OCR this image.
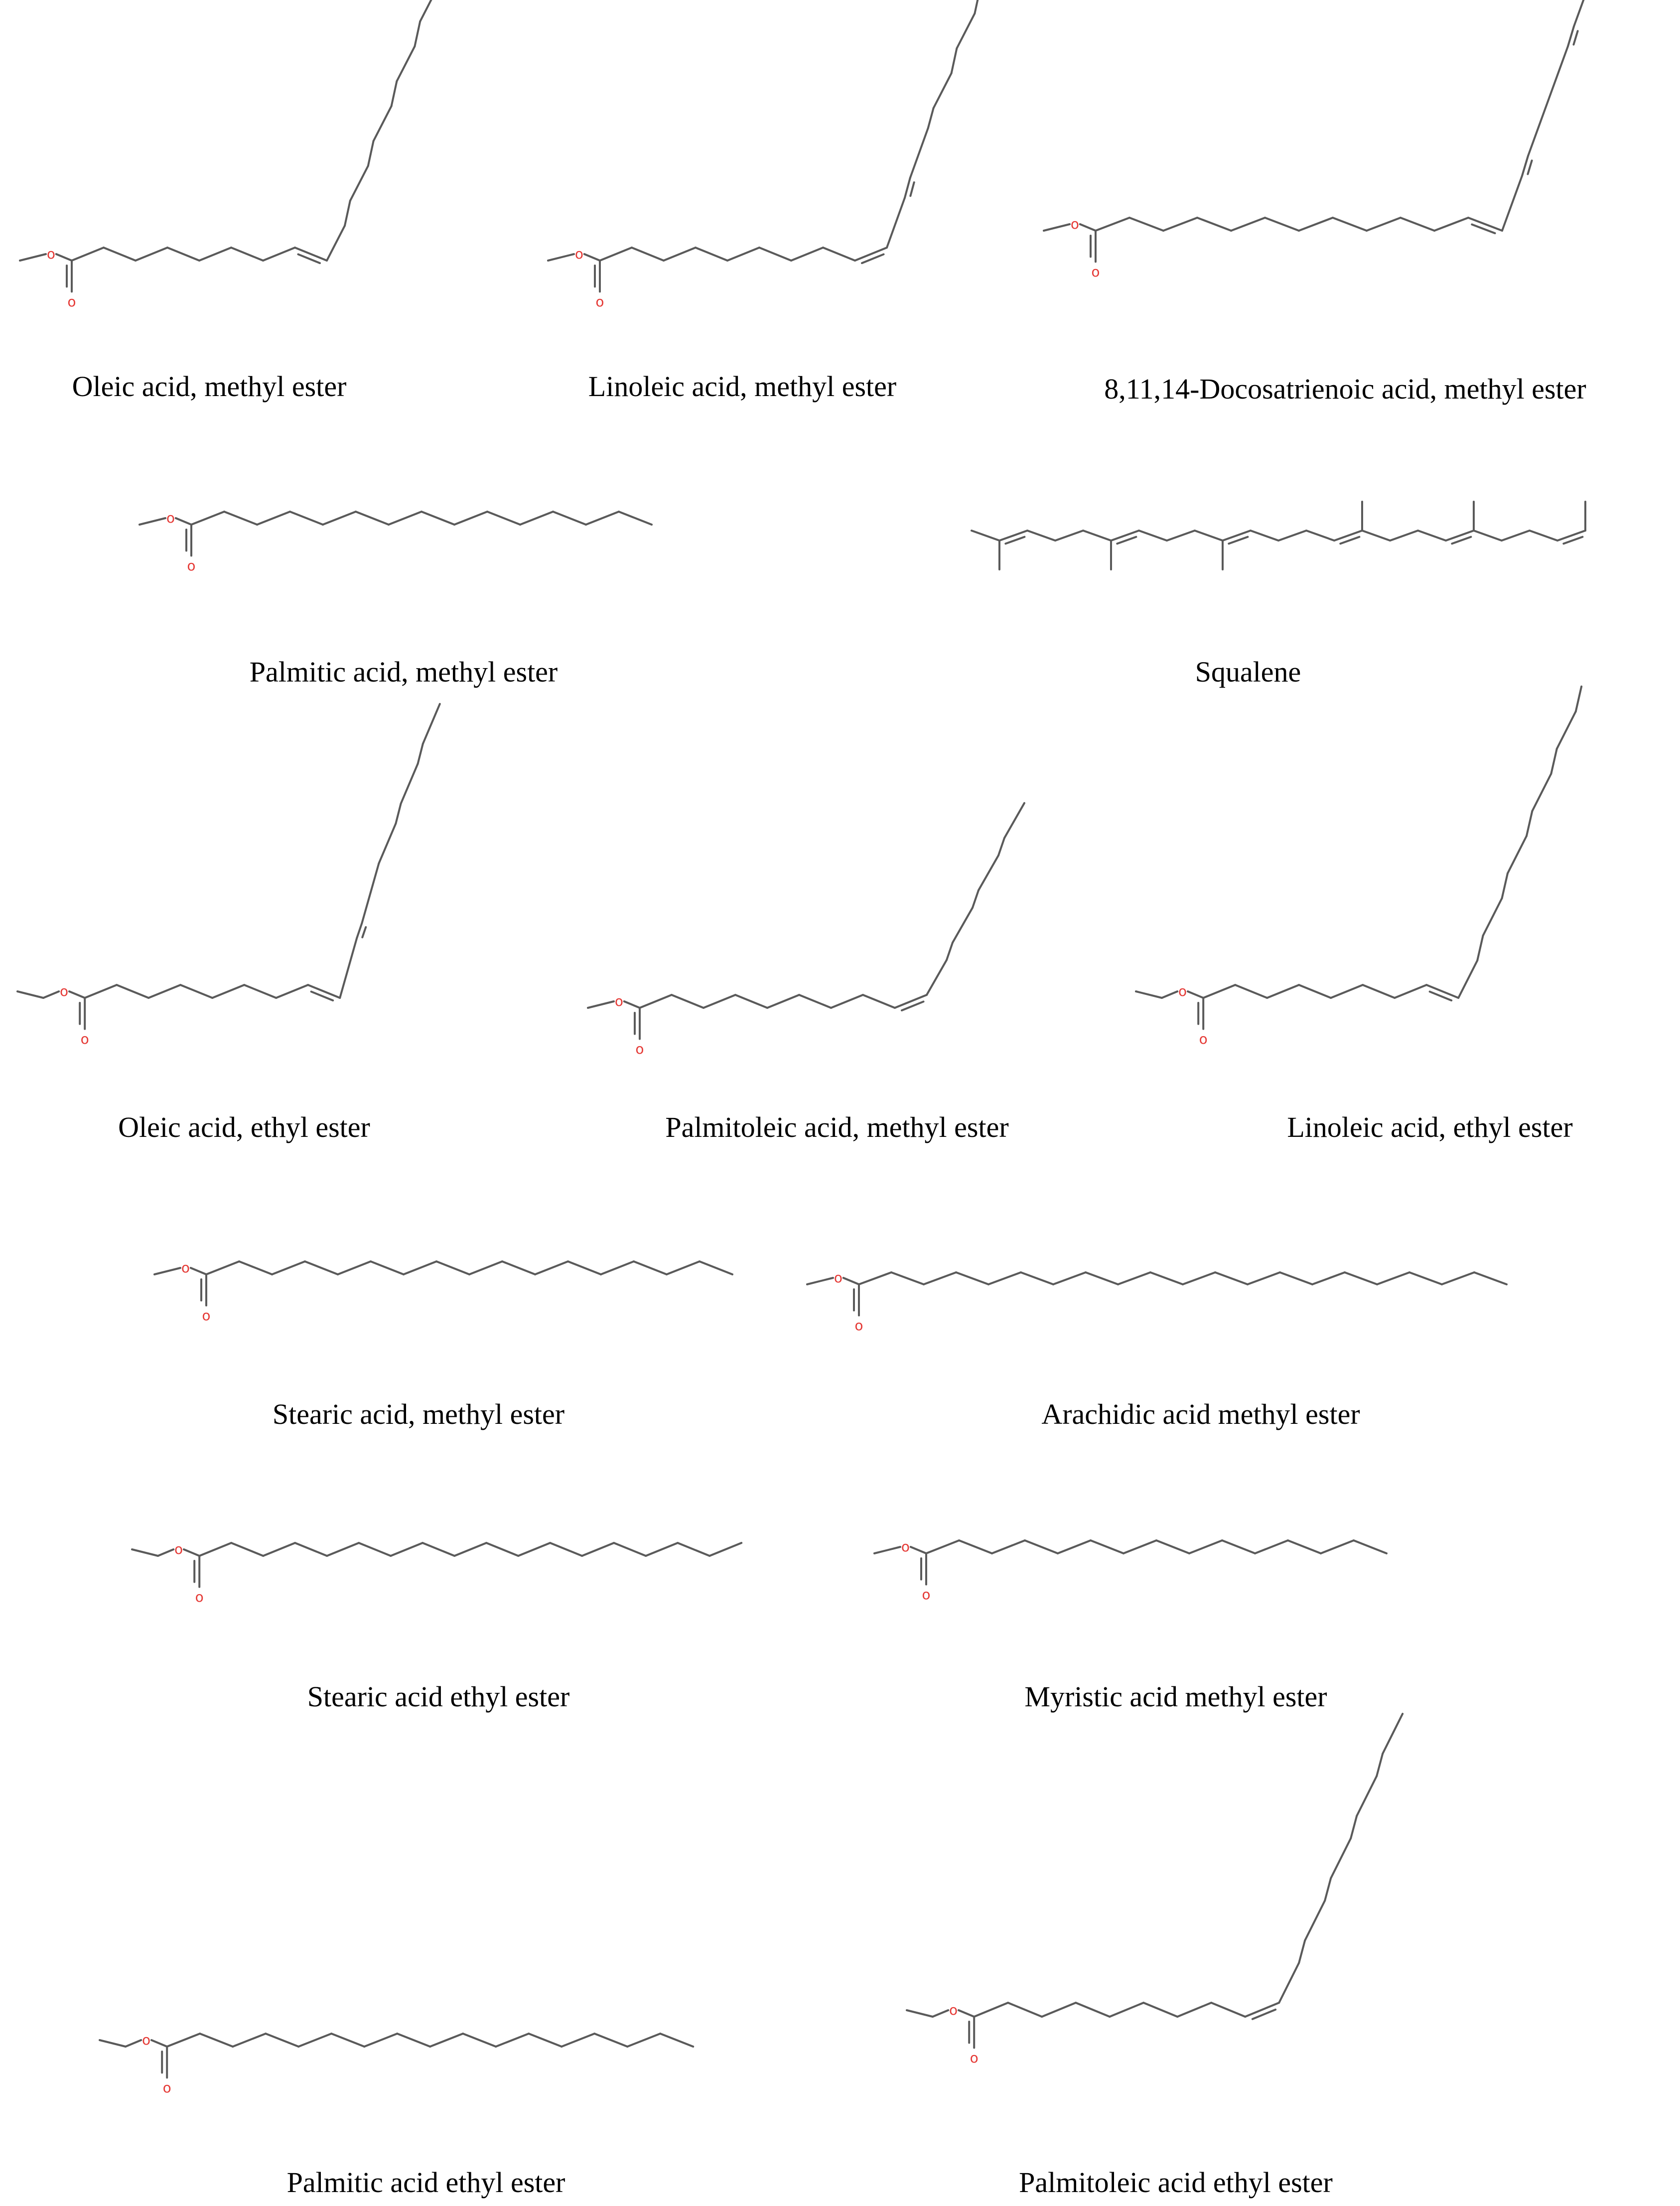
o
o
Oleic acid, methyl ester
o
o
Linoleic acid, methyl ester
o
o
8,11,14-Docosatrienoic acid, methyl ester
o
o
Palmitic acid, methyl ester	Squalene
o
o
Oleic acid, ethyl ester
o
o
Palmitoleic acid, methyl ester
o
o
Linoleic acid, ethyl ester
o
o
Stearic acid, methyl ester
o
o
Arachidic acid methyl ester
o
o
Stearic acid ethyl ester
o
o
Myristic acid methyl ester
o
o
Palmitic acid ethyl ester
o
o
Palmitoleic acid ethyl ester
